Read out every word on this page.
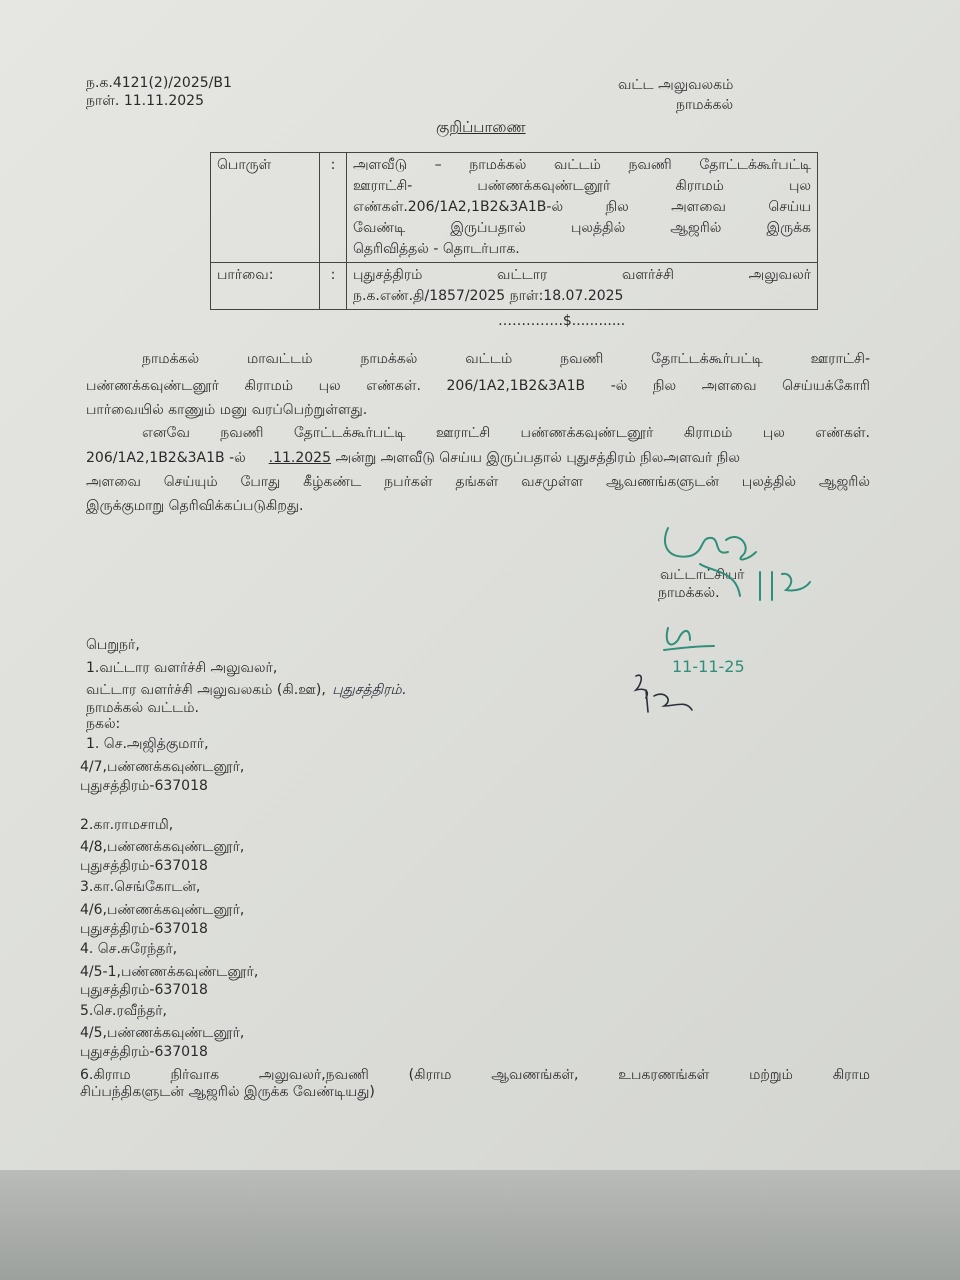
ந.க.4121(2)/2025/B1
நாள். 11.11.2025
வட்ட அலுவலகம்
நாமக்கல்
குறிப்பாணை
பொருள்	:	அளவீடு – நாமக்கல் வட்டம் நவணி தோட்டக்கூர்பட்டி
ஊராட்சி- பண்ணக்கவுண்டனூர் கிராமம் புல
எண்கள்.206/1A2,1B2&3A1B-ல் நில அளவை செய்ய
வேண்டி இருப்பதால் புலத்தில் ஆஜரில் இருக்க
தெரிவித்தல் - தொடர்பாக.
பார்வை:	:	புதுசத்திரம் வட்டார வளர்ச்சி அலுவலர்
ந.க.எண்.தி/1857/2025 நாள்:18.07.2025
…………..$............
நாமக்கல் மாவட்டம் நாமக்கல் வட்டம் நவணி தோட்டக்கூர்பட்டி ஊராட்சி-
பண்ணக்கவுண்டனூர் கிராமம் புல எண்கள். 206/1A2,1B2&3A1B -ல் நில அளவை செய்யக்கோரி
பார்வையில் காணும் மனு வரப்பெற்றுள்ளது.
எனவே நவணி தோட்டக்கூர்பட்டி ஊராட்சி பண்ணக்கவுண்டனூர் கிராமம் புல எண்கள்.
206/1A2,1B2&3A1B -ல் .11.2025 அன்று அளவீடு செய்ய இருப்பதால் புதுசத்திரம் நிலஅளவர் நில
அளவை செய்யும் போது கீழ்கண்ட நபர்கள் தங்கள் வசமுள்ள ஆவணங்களுடன் புலத்தில் ஆஜரில்
இருக்குமாறு தெரிவிக்கப்படுகிறது.
வட்டாட்சியர்
நாமக்கல்.
11-11-25
பெறுநர்,
1.வட்டார வளர்ச்சி அலுவலர்,
வட்டார வளர்ச்சி அலுவலகம் (கி.ஊ), புதுசத்திரம்.
நாமக்கல் வட்டம்.
நகல்:
1. செ.அஜித்குமார்,
4/7,பண்ணக்கவுண்டனூர்,
புதுசத்திரம்-637018
2.கா.ராமசாமி,
4/8,பண்ணக்கவுண்டனூர்,
புதுசத்திரம்-637018
3.கா.செங்கோடன்,
4/6,பண்ணக்கவுண்டனூர்,
புதுசத்திரம்-637018
4. செ.சுரேந்தர்,
4/5-1,பண்ணக்கவுண்டனூர்,
புதுசத்திரம்-637018
5.செ.ரவீந்தர்,
4/5,பண்ணக்கவுண்டனூர்,
புதுசத்திரம்-637018
6.கிராம நிர்வாக அலுவலர்,நவணி (கிராம ஆவணங்கள், உபகரணங்கள் மற்றும் கிராம
சிப்பந்திகளுடன் ஆஜரில் இருக்க வேண்டியது)
